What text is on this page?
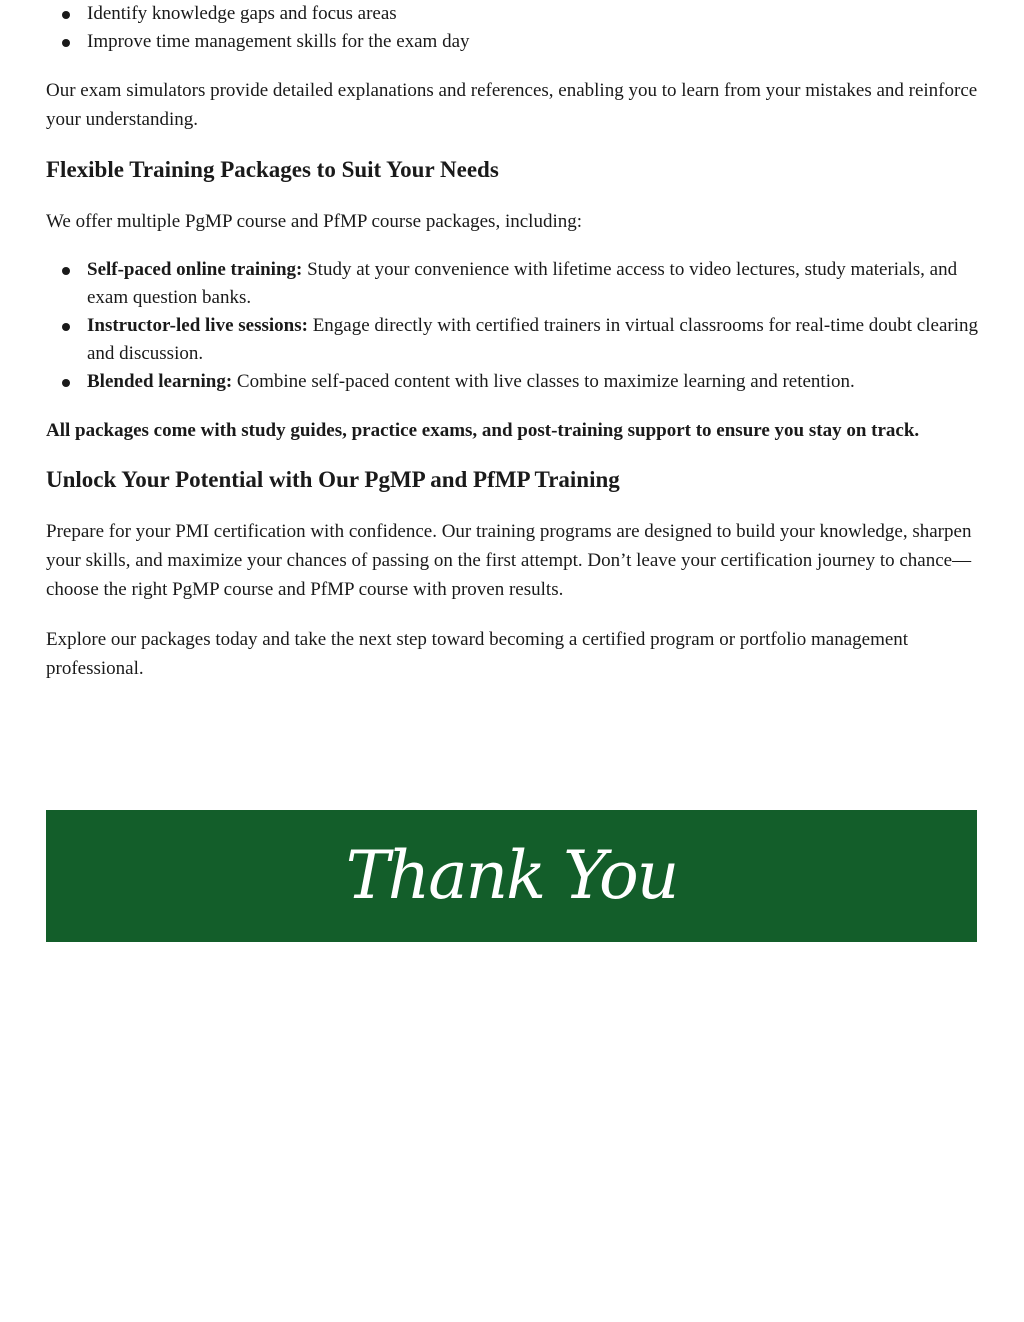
Identify knowledge gaps and focus areas
Improve time management skills for the exam day

Our exam simulators provide detailed explanations and references, enabling you to learn from your mistakes and reinforce your understanding.

Flexible Training Packages to Suit Your Needs

We offer multiple PgMP course and PfMP course packages, including:

Self-paced online training: Study at your convenience with lifetime access to video lectures, study materials, and exam question banks.
Instructor-led live sessions: Engage directly with certified trainers in virtual classrooms for real-time doubt clearing and discussion.
Blended learning: Combine self-paced content with live classes to maximize learning and retention.

All packages come with study guides, practice exams, and post-training support to ensure you stay on track.

Unlock Your Potential with Our PgMP and PfMP Training

Prepare for your PMI certification with confidence. Our training programs are designed to build your knowledge, sharpen your skills, and maximize your chances of passing on the first attempt. Don’t leave your certification journey to chance—choose the right PgMP course and PfMP course with proven results.

Explore our packages today and take the next step toward becoming a certified program or portfolio management professional.

Thank You
